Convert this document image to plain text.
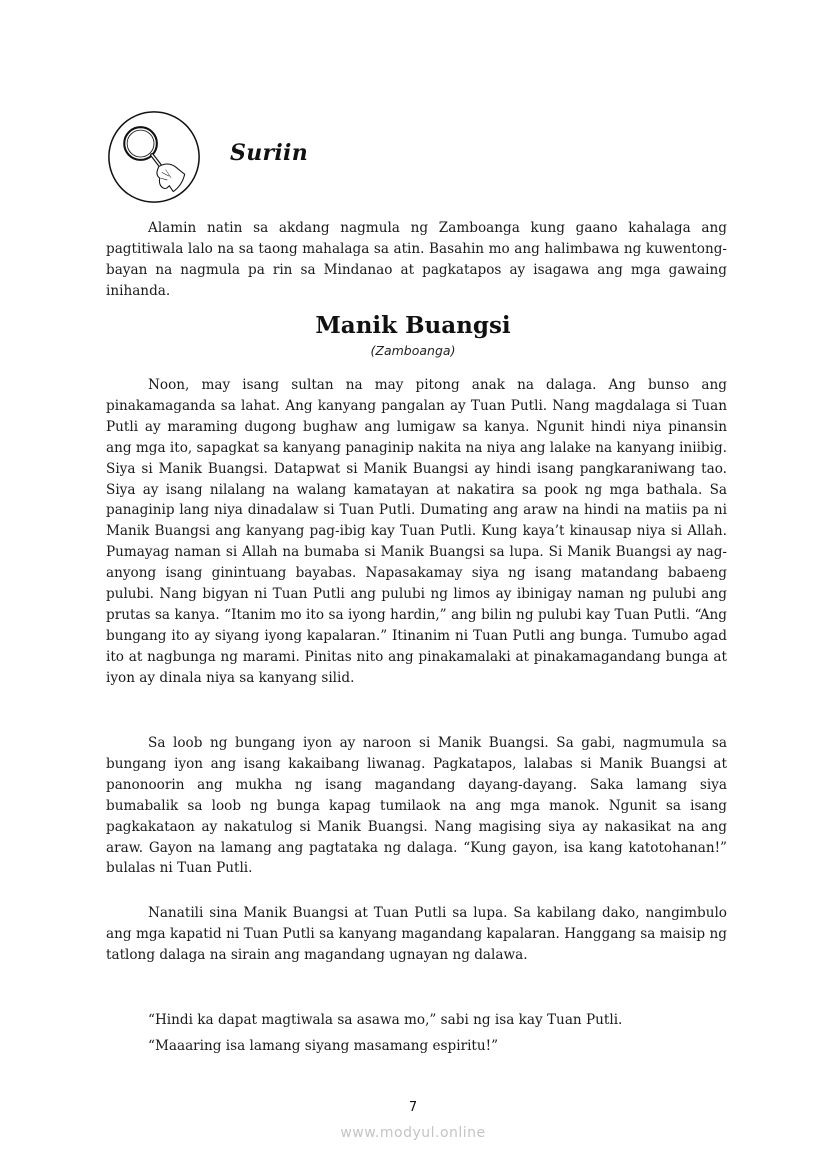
Suriin

Alamin natin sa akdang nagmula ng Zamboanga kung gaano kahalaga ang pagtitiwala lalo na sa taong mahalaga sa atin. Basahin mo ang halimbawa ng kuwentong-bayan na nagmula pa rin sa Mindanao at pagkatapos ay isagawa ang mga gawaing inihanda.

Manik Buangsi
(Zamboanga)

Noon, may isang sultan na may pitong anak na dalaga. Ang bunso ang pinakamaganda sa lahat. Ang kanyang pangalan ay Tuan Putli. Nang magdalaga si Tuan Putli ay maraming dugong bughaw ang lumigaw sa kanya. Ngunit hindi niya pinansin ang mga ito, sapagkat sa kanyang panaginip nakita na niya ang lalake na kanyang iniibig. Siya si Manik Buangsi. Datapwat si Manik Buangsi ay hindi isang pangkaraniwang tao. Siya ay isang nilalang na walang kamatayan at nakatira sa pook ng mga bathala. Sa panaginip lang niya dinadalaw si Tuan Putli. Dumating ang araw na hindi na matiis pa ni Manik Buangsi ang kanyang pag-ibig kay Tuan Putli. Kung kaya’t kinausap niya si Allah. Pumayag naman si Allah na bumaba si Manik Buangsi sa lupa. Si Manik Buangsi ay nag-anyong isang ginintuang bayabas. Napasakamay siya ng isang matandang babaeng pulubi. Nang bigyan ni Tuan Putli ang pulubi ng limos ay ibinigay naman ng pulubi ang prutas sa kanya. “Itanim mo ito sa iyong hardin,” ang bilin ng pulubi kay Tuan Putli. “Ang bungang ito ay siyang iyong kapalaran.” Itinanim ni Tuan Putli ang bunga. Tumubo agad ito at nagbunga ng marami. Pinitas nito ang pinakamalaki at pinakamagandang bunga at iyon ay dinala niya sa kanyang silid.

Sa loob ng bungang iyon ay naroon si Manik Buangsi. Sa gabi, nagmumula sa bungang iyon ang isang kakaibang liwanag. Pagkatapos, lalabas si Manik Buangsi at panonoorin ang mukha ng isang magandang dayang-dayang. Saka lamang siya bumabalik sa loob ng bunga kapag tumilaok na ang mga manok. Ngunit sa isang pagkakataon ay nakatulog si Manik Buangsi. Nang magising siya ay nakasikat na ang araw. Gayon na lamang ang pagtataka ng dalaga. “Kung gayon, isa kang katotohanan!” bulalas ni Tuan Putli.

Nanatili sina Manik Buangsi at Tuan Putli sa lupa. Sa kabilang dako, nangimbulo ang mga kapatid ni Tuan Putli sa kanyang magandang kapalaran. Hanggang sa maisip ng tatlong dalaga na sirain ang magandang ugnayan ng dalawa.

“Hindi ka dapat magtiwala sa asawa mo,” sabi ng isa kay Tuan Putli.

“Maaaring isa lamang siyang masamang espiritu!”

7
www.modyul.online
